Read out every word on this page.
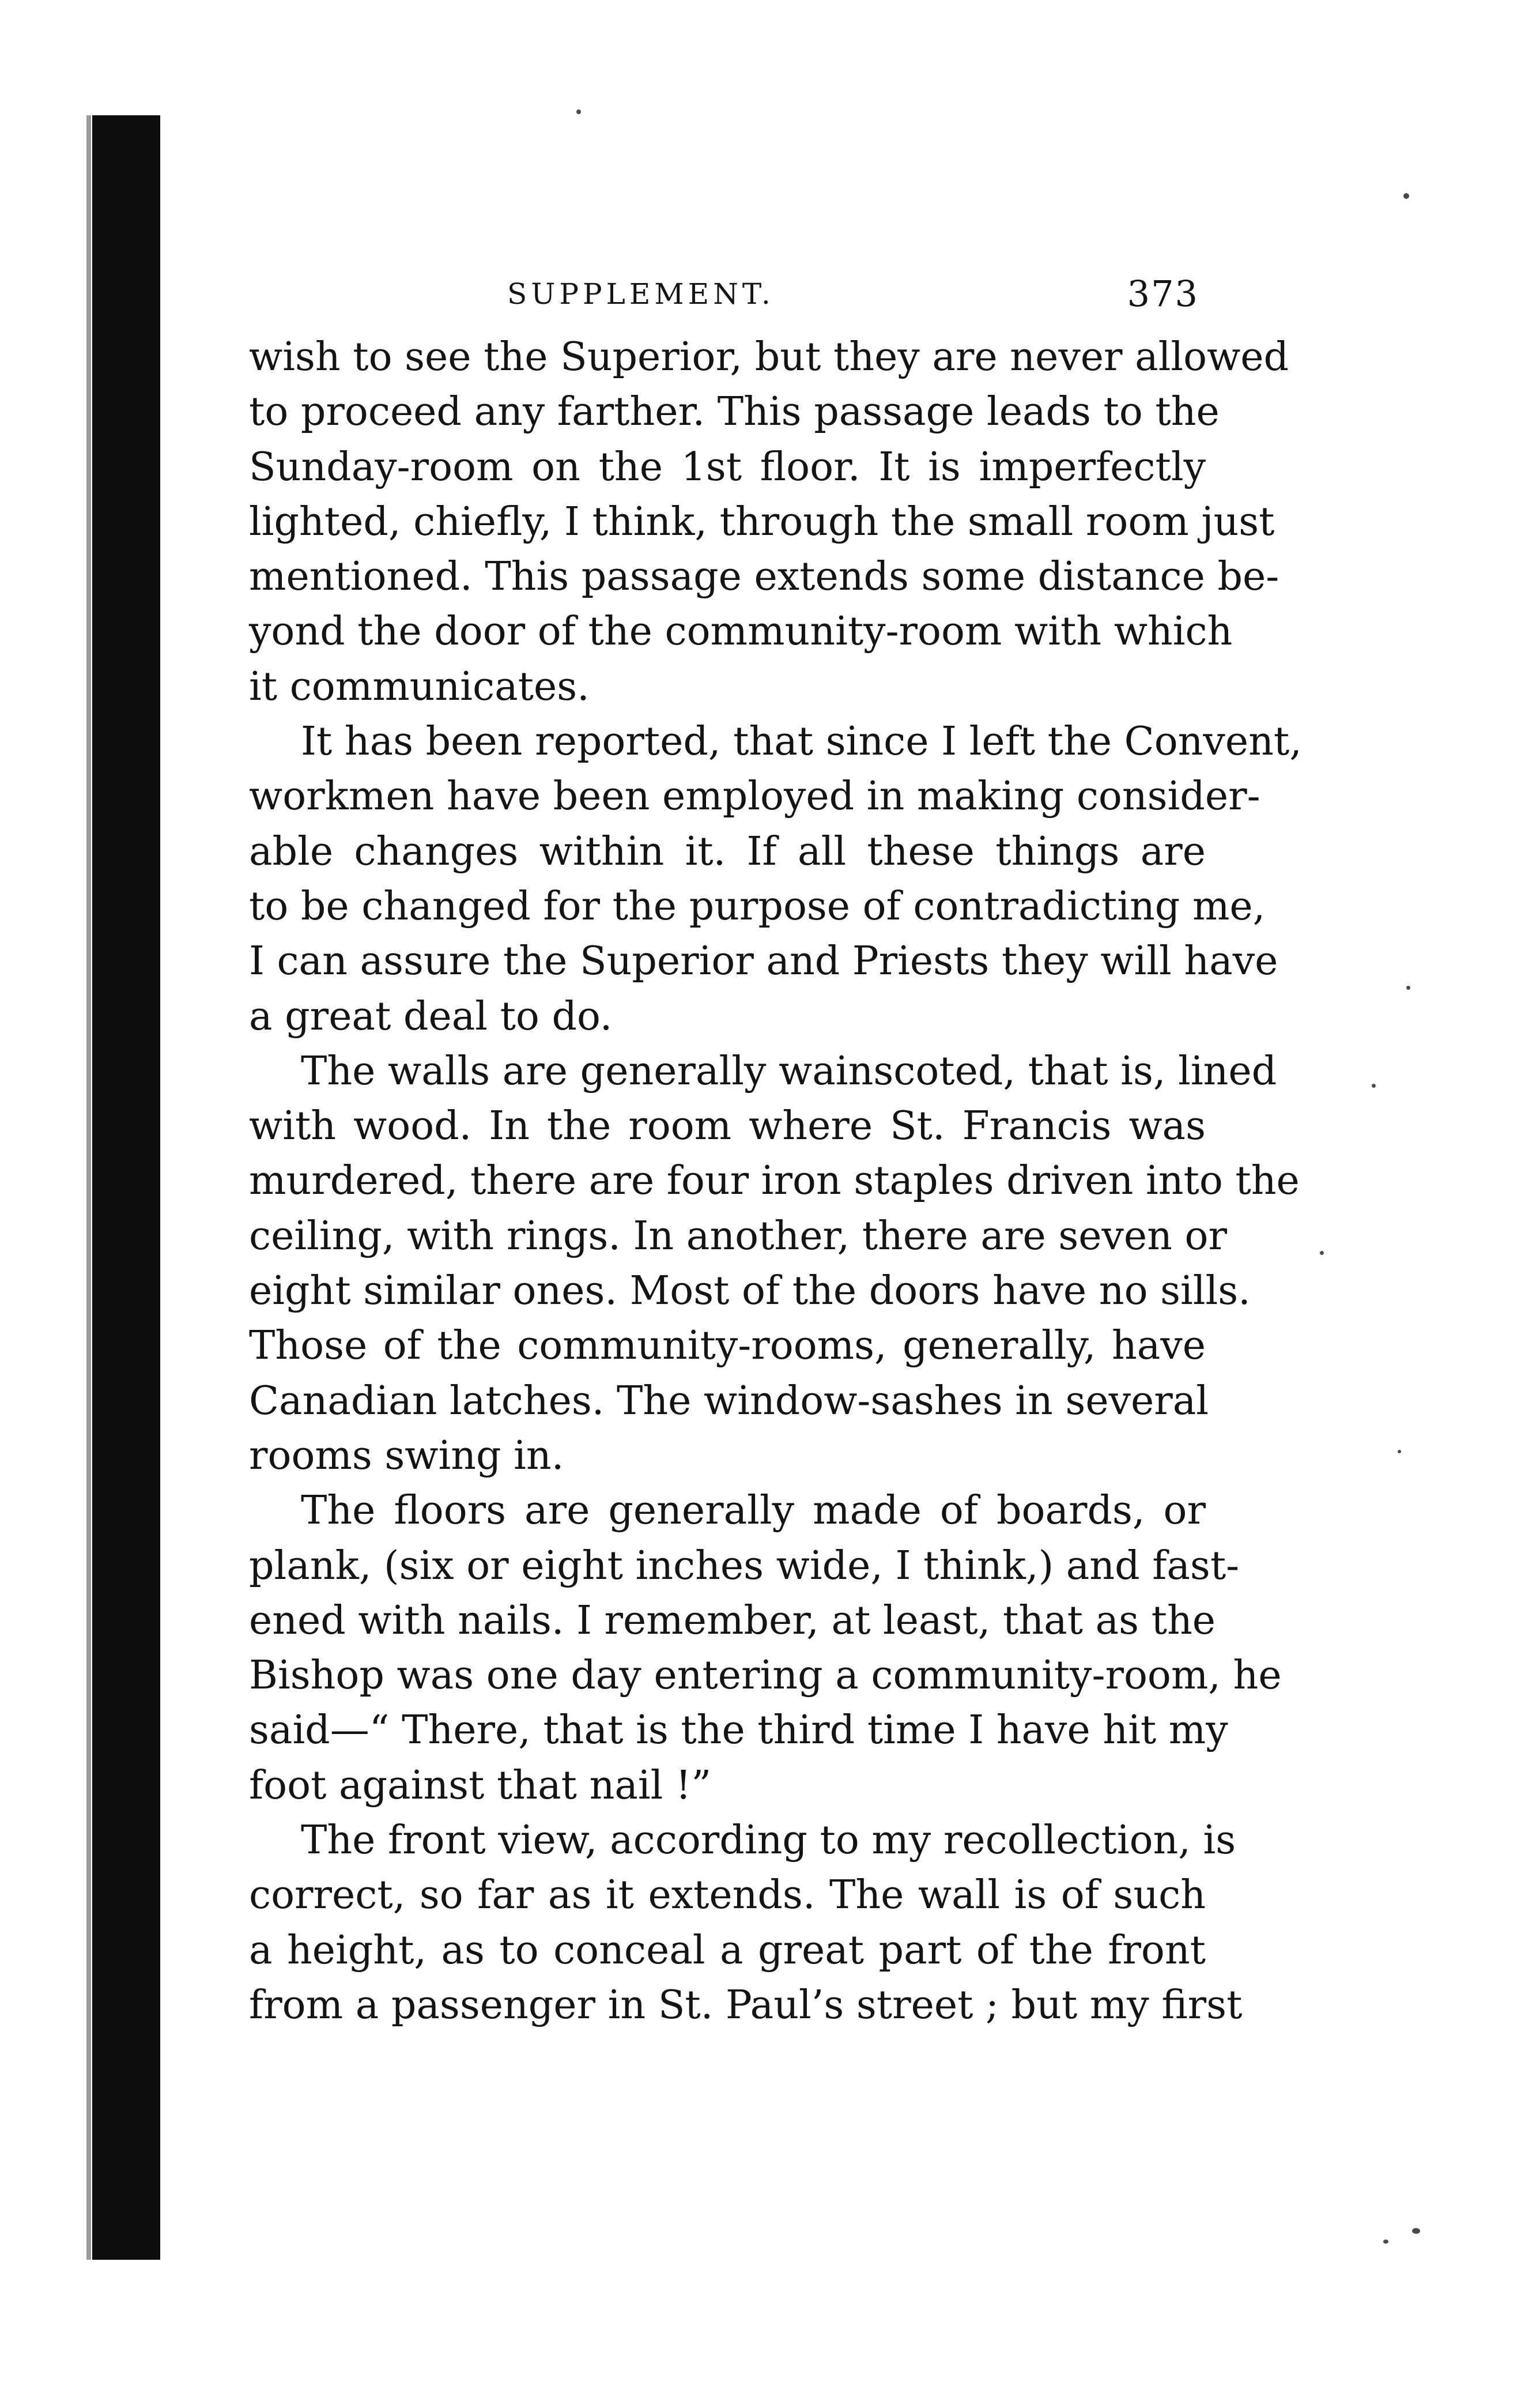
SUPPLEMENT.	373

wish to see the Superior, but they are never allowed
to proceed any farther. This passage leads to the
Sunday-room on the 1st floor. It is imperfectly
lighted, chiefly, I think, through the small room just
mentioned. This passage extends some distance be-
yond the door of the community-room with which
it communicates.

It has been reported, that since I left the Convent,
workmen have been employed in making consider-
able changes within it. If all these things are
to be changed for the purpose of contradicting me,
I can assure the Superior and Priests they will have
a great deal to do.

The walls are generally wainscoted, that is, lined
with wood. In the room where St. Francis was
murdered, there are four iron staples driven into the
ceiling, with rings. In another, there are seven or
eight similar ones. Most of the doors have no sills.
Those of the community-rooms, generally, have
Canadian latches. The window-sashes in several
rooms swing in.

The floors are generally made of boards, or
plank, (six or eight inches wide, I think,) and fast-
ened with nails. I remember, at least, that as the
Bishop was one day entering a community-room, he
said—“ There, that is the third time I have hit my
foot against that nail !”

The front view, according to my recollection, is
correct, so far as it extends. The wall is of such
a height, as to conceal a great part of the front
from a passenger in St. Paul’s street ; but my first
